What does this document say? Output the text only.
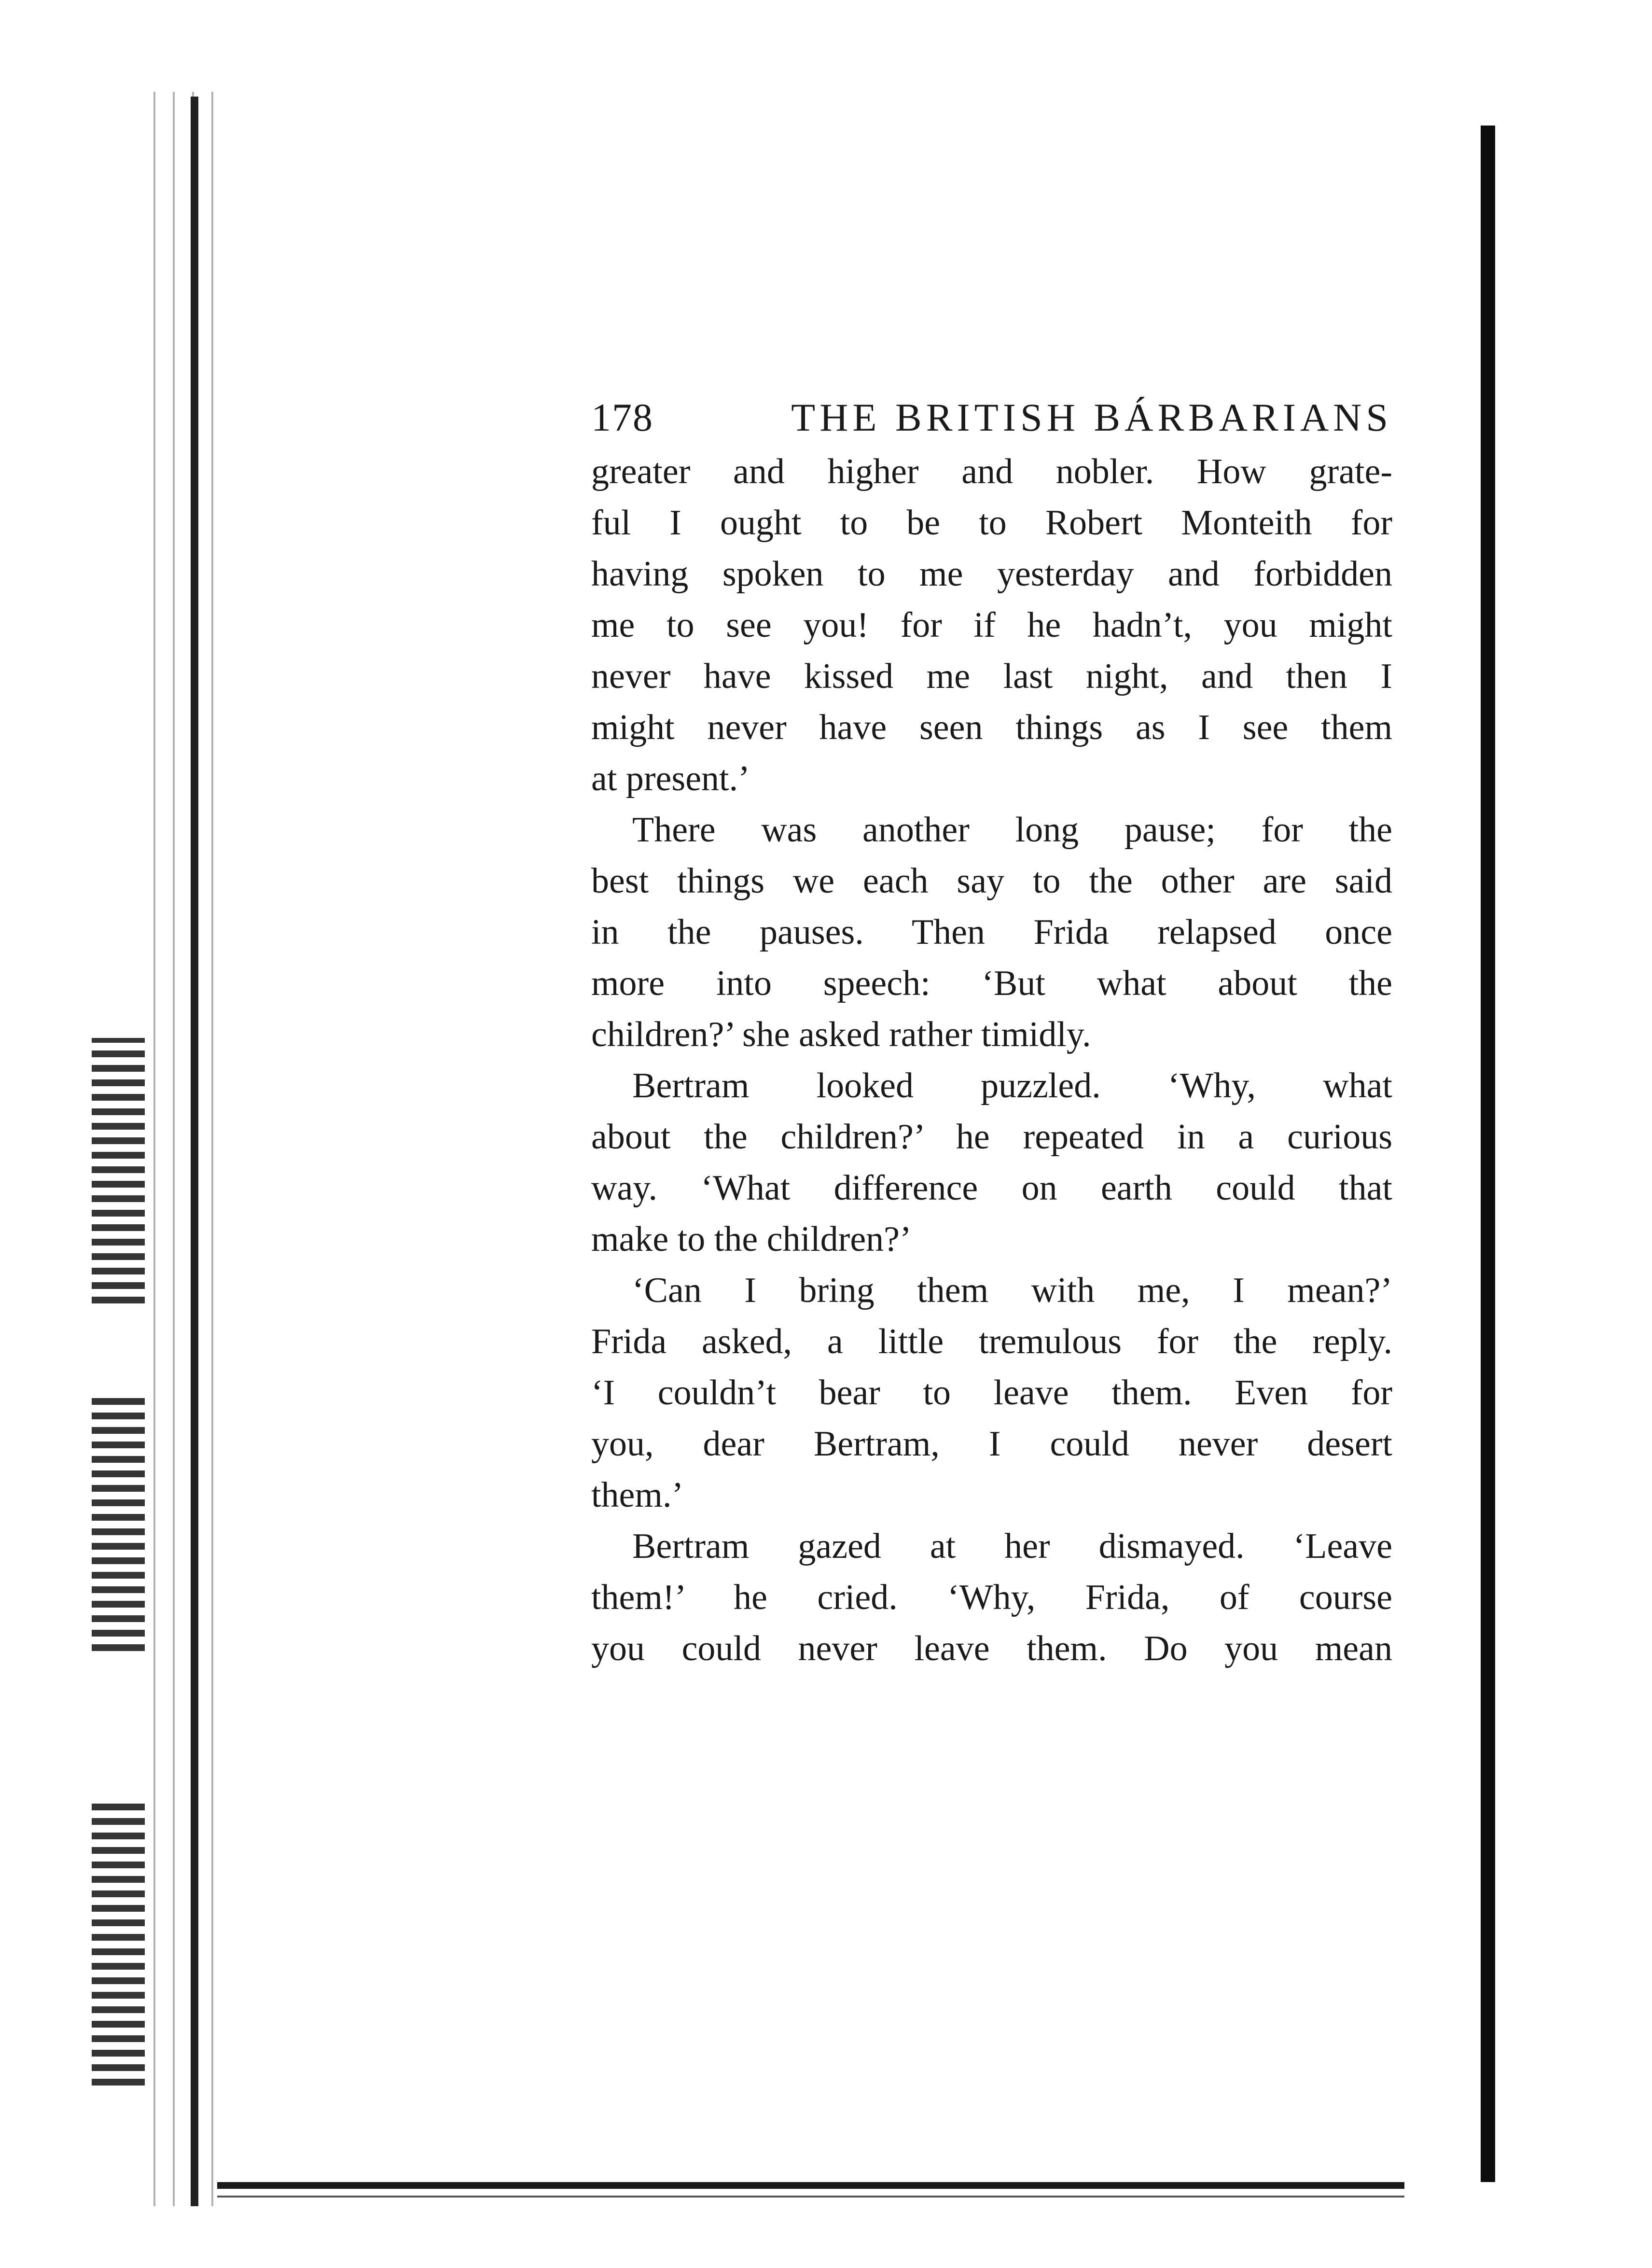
178	THE BRITISH BÁRBARIANS
greater and higher and nobler. How grate-
ful I ought to be to Robert Monteith for
having spoken to me yesterday and forbidden
me to see you! for if he hadn’t, you might
never have kissed me last night, and then I
might never have seen things as I see them
at present.’
There was another long pause; for the
best things we each say to the other are said
in the pauses. Then Frida relapsed once
more into speech: ‘But what about the
children?’ she asked rather timidly.
Bertram looked puzzled. ‘Why, what
about the children?’ he repeated in a curious
way. ‘What difference on earth could that
make to the children?’
‘Can I bring them with me, I mean?’
Frida asked, a little tremulous for the reply.
‘I couldn’t bear to leave them. Even for
you, dear Bertram, I could never desert
them.’
Bertram gazed at her dismayed. ‘Leave
them!’ he cried. ‘Why, Frida, of course
you could never leave them. Do you mean
